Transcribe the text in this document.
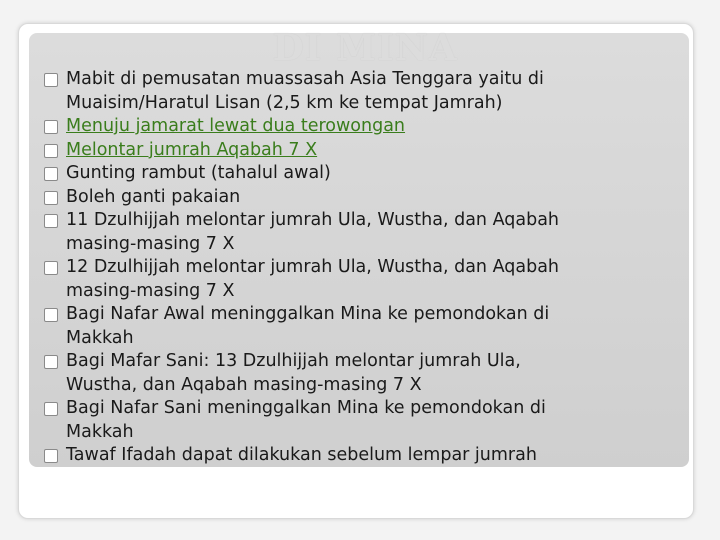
DI MINA
Mabit di pemusatan muassasah Asia Tenggara yaitu di
Muaisim/Haratul Lisan (2,5 km ke tempat Jamrah)
Menuju jamarat lewat dua terowongan
Melontar jumrah Aqabah 7 X
Gunting rambut (tahalul awal)
Boleh ganti pakaian
11 Dzulhijjah melontar jumrah Ula, Wustha, dan Aqabah
masing-masing 7 X
12 Dzulhijjah melontar jumrah Ula, Wustha, dan Aqabah
masing-masing 7 X
Bagi Nafar Awal meninggalkan Mina ke pemondokan di
Makkah
Bagi Mafar Sani: 13 Dzulhijjah melontar jumrah Ula,
Wustha, dan Aqabah masing-masing 7 X
Bagi Nafar Sani meninggalkan Mina ke pemondokan di
Makkah
Tawaf Ifadah dapat dilakukan sebelum lempar jumrah
